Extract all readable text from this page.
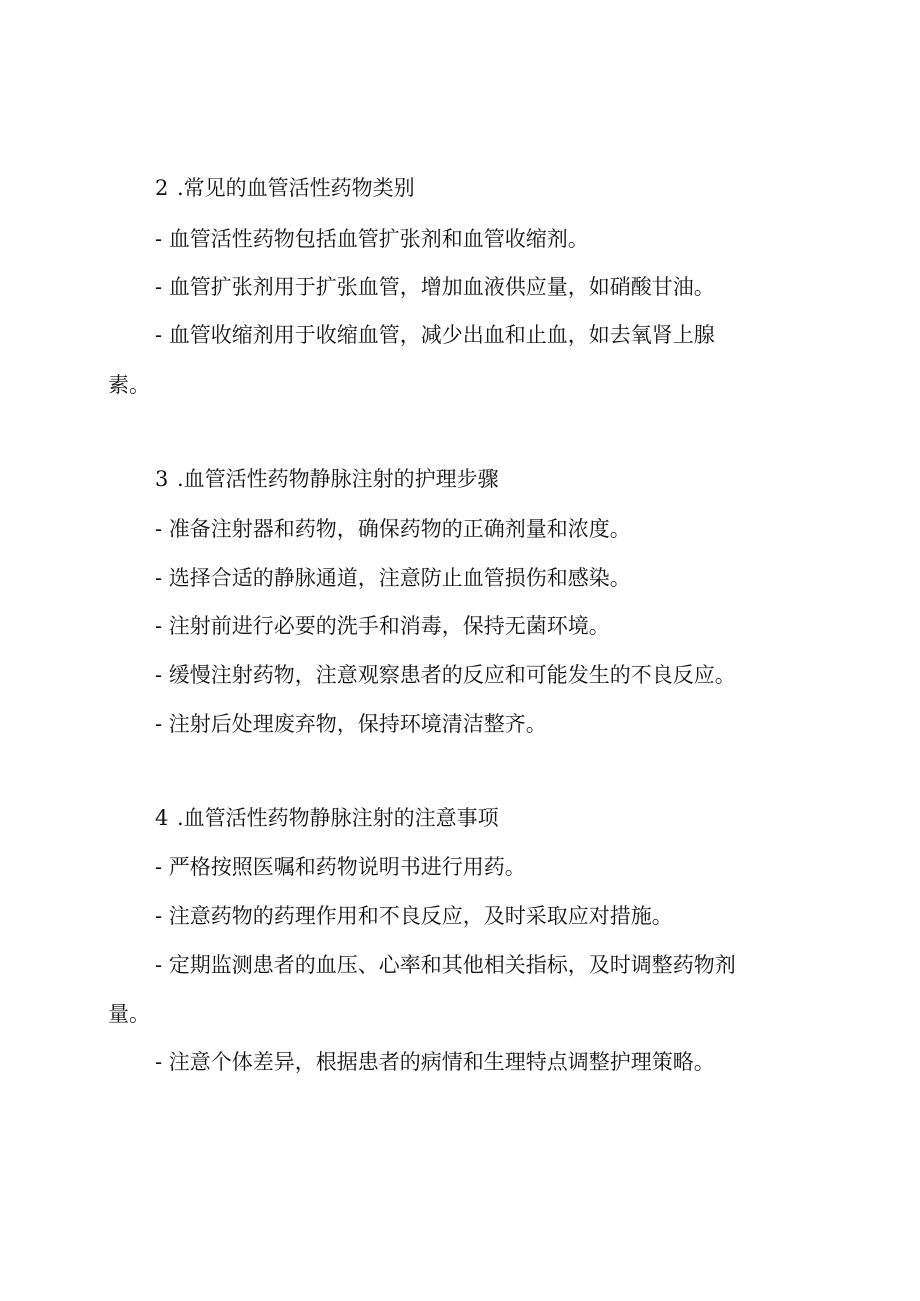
2 .常见的血管活性药物类别
- 血管活性药物包括血管扩张剂和血管收缩剂。
- 血管扩张剂用于扩张血管，增加血液供应量，如硝酸甘油。
- 血管收缩剂用于收缩血管，减少出血和止血，如去氧肾上腺
素。
3 .血管活性药物静脉注射的护理步骤
- 准备注射器和药物，确保药物的正确剂量和浓度。
- 选择合适的静脉通道，注意防止血管损伤和感染。
- 注射前进行必要的洗手和消毒，保持无菌环境。
- 缓慢注射药物，注意观察患者的反应和可能发生的不良反应。
- 注射后处理废弃物，保持环境清洁整齐。
4 .血管活性药物静脉注射的注意事项
- 严格按照医嘱和药物说明书进行用药。
- 注意药物的药理作用和不良反应，及时采取应对措施。
- 定期监测患者的血压、心率和其他相关指标，及时调整药物剂
量。
- 注意个体差异，根据患者的病情和生理特点调整护理策略。
